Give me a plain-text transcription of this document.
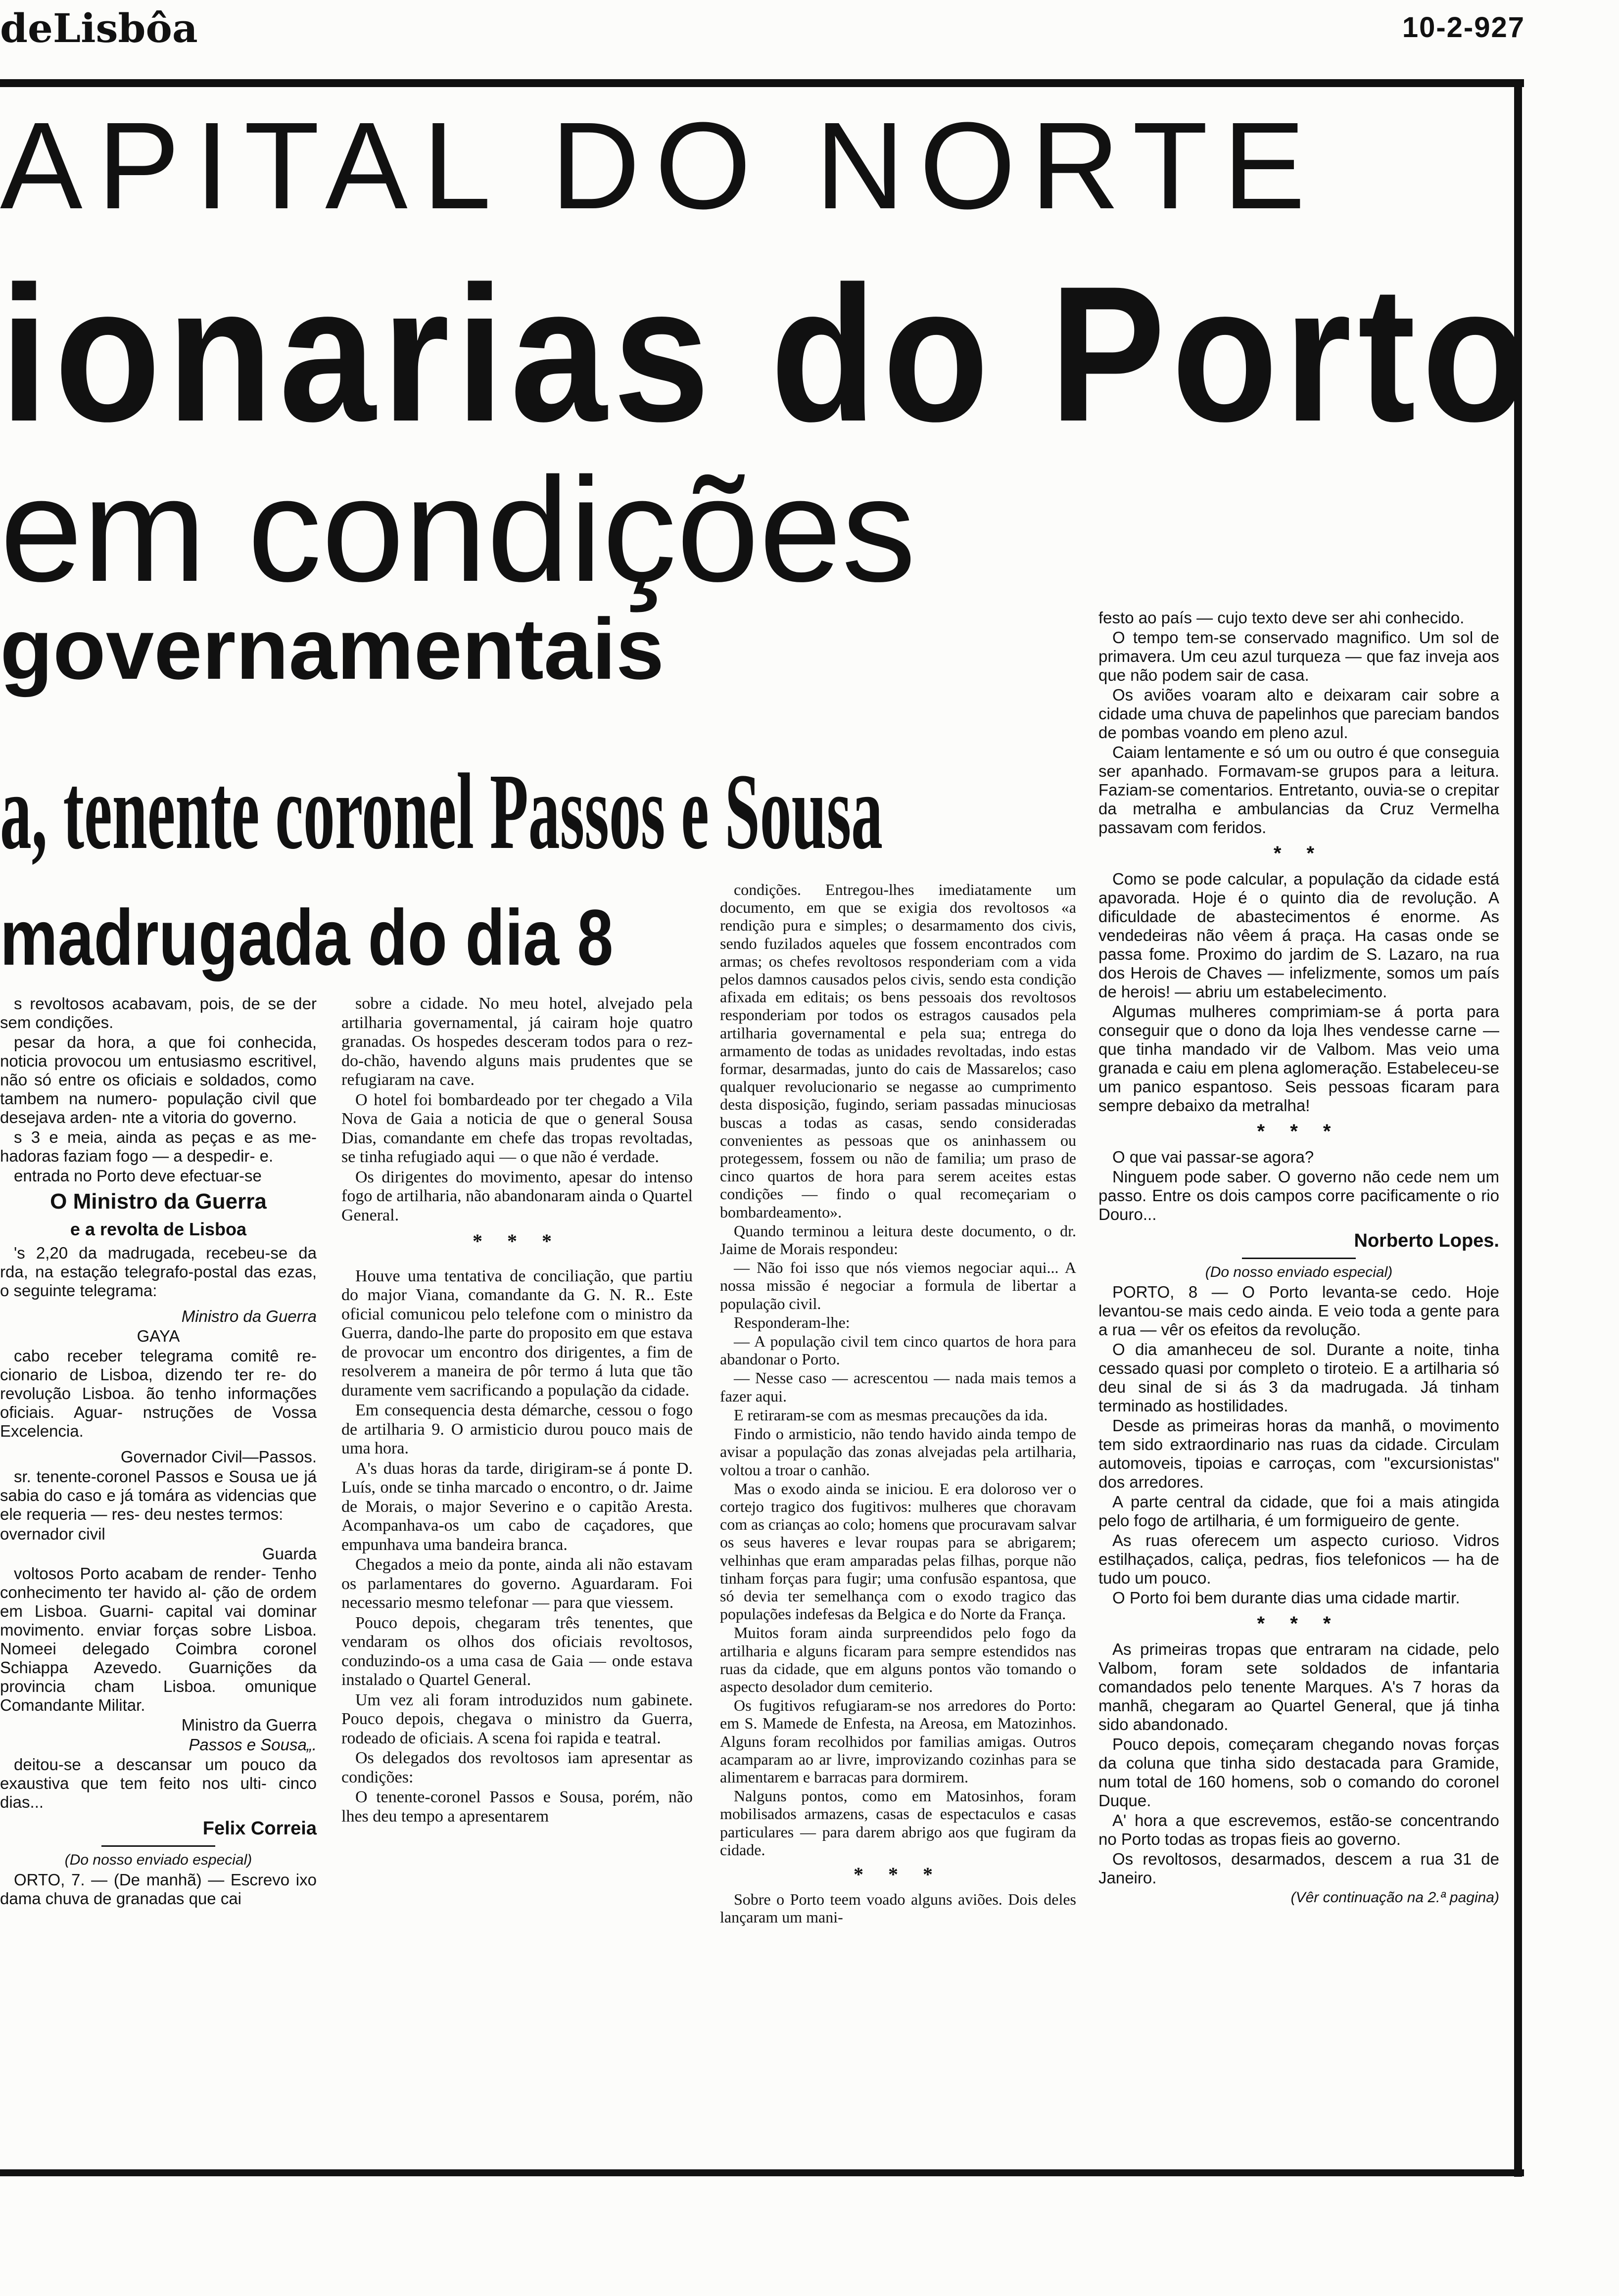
deLisbôa	10-2-927
APITAL DO NORTE
ionarias do Porto
em condições
governamentais
a, tenente coronel Passos e Sousa
madrugada do dia 8

s revoltosos acabavam, pois, de se der sem condições.

pesar da hora, a que foi conhecida, noticia provocou um entusiasmo escritivel, não só entre os oficiais e soldados, como tambem na numero- população civil que desejava arden- nte a vitoria do governo.

s 3 e meia, ainda as peças e as me- hadoras faziam fogo — a despedir- e.

entrada no Porto deve efectuar-se

O Ministro da Guerra
e a revolta de Lisboa

's 2,20 da madrugada, recebeu-se da rda, na estação telegrafo-postal das ezas, o seguinte telegrama:

Ministro da Guerra

GAYA

cabo receber telegrama comitê re- cionario de Lisboa, dizendo ter re- do revolução Lisboa. ão tenho informações oficiais. Aguar- nstruções de Vossa Excelencia.

Governador Civil—Passos.

sr. tenente-coronel Passos e Sousa ue já sabia do caso e já tomára as videncias que ele requeria — res- deu nestes termos:

overnador civil

Guarda

voltosos Porto acabam de render- Tenho conhecimento ter havido al- ção de ordem em Lisboa. Guarni- capital vai dominar movimento. enviar forças sobre Lisboa. Nomeei delegado Coimbra coronel Schiappa Azevedo. Guarnições da provincia cham Lisboa. omunique Comandante Militar.

Ministro da Guerra

Passos e Sousa„.

deitou-se a descansar um pouco da exaustiva que tem feito nos ulti- cinco dias...

Felix Correia

(Do nosso enviado especial)

ORTO, 7. — (De manhã) — Escrevo ixo dama chuva de granadas que cai

sobre a cidade. No meu hotel, alvejado pela artilharia governamental, já cairam hoje quatro granadas. Os hospedes desceram todos para o rez-do-chão, havendo alguns mais prudentes que se refugiaram na cave.

O hotel foi bombardeado por ter chegado a Vila Nova de Gaia a noticia de que o general Sousa Dias, comandante em chefe das tropas revoltadas, se tinha refugiado aqui — o que não é verdade.

Os dirigentes do movimento, apesar do intenso fogo de artilharia, não abandonaram ainda o Quartel General.

* * *

Houve uma tentativa de conciliação, que partiu do major Viana, comandante da G. N. R.. Este oficial comunicou pelo telefone com o ministro da Guerra, dando-lhe parte do proposito em que estava de provocar um encontro dos dirigentes, a fim de resolverem a maneira de pôr termo á luta que tão duramente vem sacrificando a população da cidade.

Em consequencia desta démarche, cessou o fogo de artilharia 9. O armisticio durou pouco mais de uma hora.

A's duas horas da tarde, dirigiram-se á ponte D. Luís, onde se tinha marcado o encontro, o dr. Jaime de Morais, o major Severino e o capitão Aresta. Acompanhava-os um cabo de caçadores, que empunhava uma bandeira branca.

Chegados a meio da ponte, ainda ali não estavam os parlamentares do governo. Aguardaram. Foi necessario mesmo telefonar — para que viessem.

Pouco depois, chegaram três tenentes, que vendaram os olhos dos oficiais revoltosos, conduzindo-os a uma casa de Gaia — onde estava instalado o Quartel General.

Um vez ali foram introduzidos num gabinete. Pouco depois, chegava o ministro da Guerra, rodeado de oficiais. A scena foi rapida e teatral.

Os delegados dos revoltosos iam apresentar as condições:

O tenente-coronel Passos e Sousa, porém, não lhes deu tempo a apresentarem

condições. Entregou-lhes imediatamente um documento, em que se exigia dos revoltosos «a rendição pura e simples; o desarmamento dos civis, sendo fuzilados aqueles que fossem encontrados com armas; os chefes revoltosos responderiam com a vida pelos damnos causados pelos civis, sendo esta condição afixada em editais; os bens pessoais dos revoltosos responderiam por todos os estragos causados pela artilharia governamental e pela sua; entrega do armamento de todas as unidades revoltadas, indo estas formar, desarmadas, junto do cais de Massarelos; caso qualquer revolucionario se negasse ao cumprimento desta disposição, fugindo, seriam passadas minuciosas buscas a todas as casas, sendo consideradas convenientes as pessoas que os aninhassem ou protegessem, fossem ou não de familia; um praso de cinco quartos de hora para serem aceites estas condições — findo o qual recomeçariam o bombardeamento».

Quando terminou a leitura deste documento, o dr. Jaime de Morais respondeu:

— Não foi isso que nós viemos negociar aqui... A nossa missão é negociar a formula de libertar a população civil.

Responderam-lhe:

— A população civil tem cinco quartos de hora para abandonar o Porto.

— Nesse caso — acrescentou — nada mais temos a fazer aqui.

E retiraram-se com as mesmas precauções da ida.

Findo o armisticio, não tendo havido ainda tempo de avisar a população das zonas alvejadas pela artilharia, voltou a troar o canhão.

Mas o exodo ainda se iniciou. E era doloroso ver o cortejo tragico dos fugitivos: mulheres que choravam com as crianças ao colo; homens que procuravam salvar os seus haveres e levar roupas para se abrigarem; velhinhas que eram amparadas pelas filhas, porque não tinham forças para fugir; uma confusão espantosa, que só devia ter semelhança com o exodo tragico das populações indefesas da Belgica e do Norte da França.

Muitos foram ainda surpreendidos pelo fogo da artilharia e alguns ficaram para sempre estendidos nas ruas da cidade, que em alguns pontos vão tomando o aspecto desolador dum cemiterio.

Os fugitivos refugiaram-se nos arredores do Porto: em S. Mamede de Enfesta, na Areosa, em Matozinhos. Alguns foram recolhidos por familias amigas. Outros acamparam ao ar livre, improvizando cozinhas para se alimentarem e barracas para dormirem.

Nalguns pontos, como em Matosinhos, foram mobilisados armazens, casas de espectaculos e casas particulares — para darem abrigo aos que fugiram da cidade.

* * *

Sobre o Porto teem voado alguns aviões. Dois deles lançaram um mani-

festo ao país — cujo texto deve ser ahi conhecido.

O tempo tem-se conservado magnifico. Um sol de primavera. Um ceu azul turqueza — que faz inveja aos que não podem sair de casa.

Os aviões voaram alto e deixaram cair sobre a cidade uma chuva de papelinhos que pareciam bandos de pombas voando em pleno azul.

Caiam lentamente e só um ou outro é que conseguia ser apanhado. Formavam-se grupos para a leitura. Faziam-se comentarios. Entretanto, ouvia-se o crepitar da metralha e ambulancias da Cruz Vermelha passavam com feridos.

* *

Como se pode calcular, a população da cidade está apavorada. Hoje é o quinto dia de revolução. A dificuldade de abastecimentos é enorme. As vendedeiras não vêem á praça. Ha casas onde se passa fome. Proximo do jardim de S. Lazaro, na rua dos Herois de Chaves — infelizmente, somos um país de herois! — abriu um estabelecimento.

Algumas mulheres comprimiam-se á porta para conseguir que o dono da loja lhes vendesse carne — que tinha mandado vir de Valbom. Mas veio uma granada e caiu em plena aglomeração. Estabeleceu-se um panico espantoso. Seis pessoas ficaram para sempre debaixo da metralha!

* * *

O que vai passar-se agora?

Ninguem pode saber. O governo não cede nem um passo. Entre os dois campos corre pacificamente o rio Douro...

Norberto Lopes.

(Do nosso enviado especial)

PORTO, 8 — O Porto levanta-se cedo. Hoje levantou-se mais cedo ainda. E veio toda a gente para a rua — vêr os efeitos da revolução.

O dia amanheceu de sol. Durante a noite, tinha cessado quasi por completo o tiroteio. E a artilharia só deu sinal de si ás 3 da madrugada. Já tinham terminado as hostilidades.

Desde as primeiras horas da manhã, o movimento tem sido extraordinario nas ruas da cidade. Circulam automoveis, tipoias e carroças, com "excursionistas" dos arredores.

A parte central da cidade, que foi a mais atingida pelo fogo de artilharia, é um formigueiro de gente.

As ruas oferecem um aspecto curioso. Vidros estilhaçados, caliça, pedras, fios telefonicos — ha de tudo um pouco.

O Porto foi bem durante dias uma cidade martir.

* * *

As primeiras tropas que entraram na cidade, pelo Valbom, foram sete soldados de infantaria comandados pelo tenente Marques. A's 7 horas da manhã, chegaram ao Quartel General, que já tinha sido abandonado.

Pouco depois, começaram chegando novas forças da coluna que tinha sido destacada para Gramide, num total de 160 homens, sob o comando do coronel Duque.

A' hora a que escrevemos, estão-se concentrando no Porto todas as tropas fieis ao governo.

Os revoltosos, desarmados, descem a rua 31 de Janeiro.

(Vêr continuação na 2.ª pagina)
